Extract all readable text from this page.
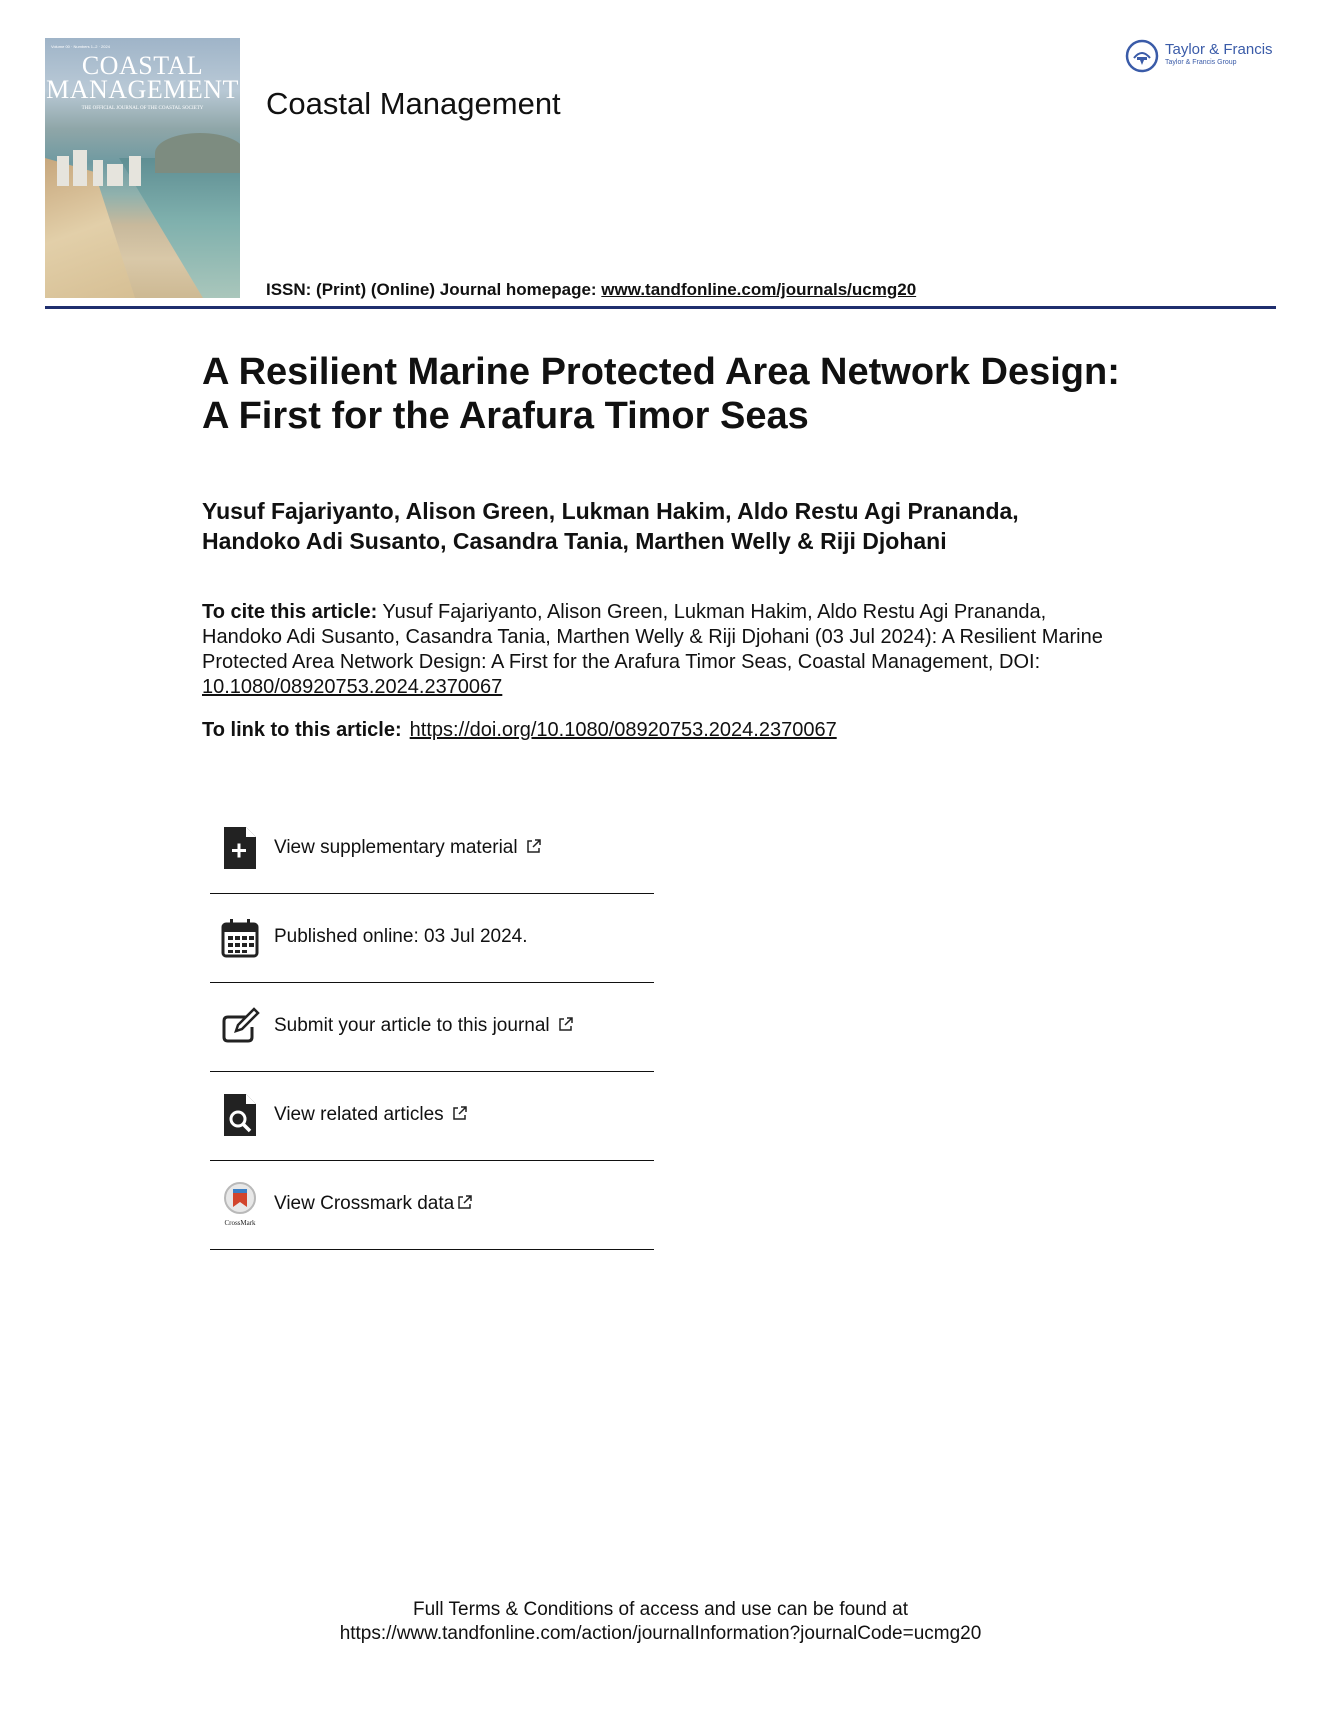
Volume 00 · Numbers 1–2 · 2024
COASTAL
MANAGEMENT
THE OFFICIAL JOURNAL OF THE COASTAL SOCIETY	Coastal Management
ISSN: (Print) (Online) Journal homepage: www.tandfonline.com/journals/ucmg20
Taylor & Francis
Taylor & Francis Group
A Resilient Marine Protected Area Network Design:
A First for the Arafura Timor Seas
Yusuf Fajariyanto, Alison Green, Lukman Hakim, Aldo Restu Agi Prananda,
Handoko Adi Susanto, Casandra Tania, Marthen Welly & Riji Djohani
To cite this article: Yusuf Fajariyanto, Alison Green, Lukman Hakim, Aldo Restu Agi Prananda, Handoko Adi Susanto, Casandra Tania, Marthen Welly & Riji Djohani (03 Jul 2024): A Resilient Marine Protected Area Network Design: A First for the Arafura Timor Seas, Coastal Management, DOI: 10.1080/08920753.2024.2370067
To link to this article: https://doi.org/10.1080/08920753.2024.2370067
View supplementary material
Published online: 03 Jul 2024.
Submit your article to this journal
View related articles
CrossMark
View Crossmark data
Full Terms & Conditions of access and use can be found at
https://www.tandfonline.com/action/journalInformation?journalCode=ucmg20
